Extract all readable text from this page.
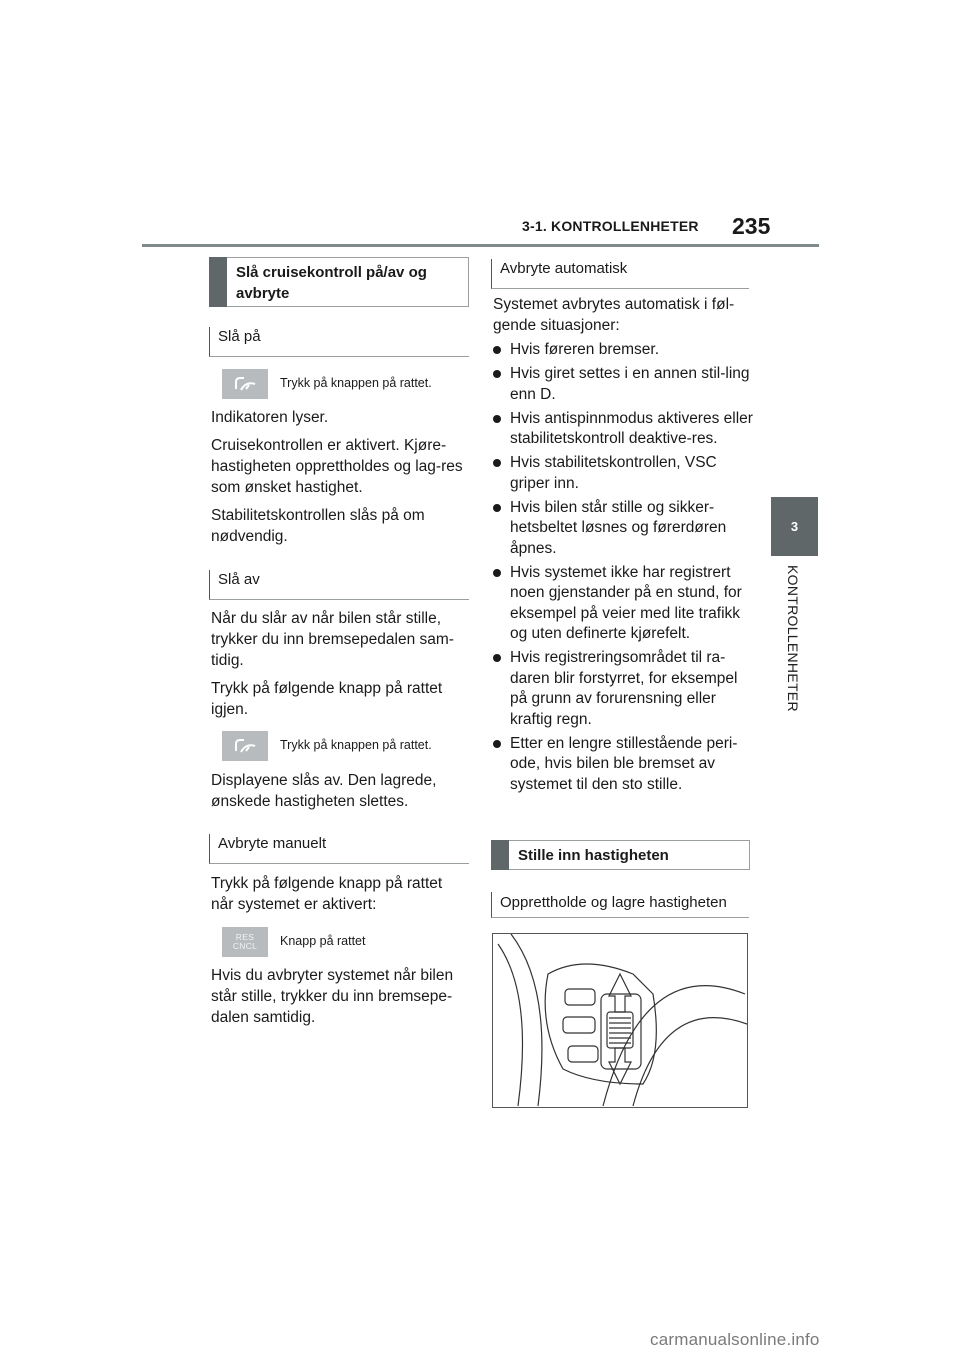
3-1. KONTROLLENHETER 235
3
KONTROLLENHETER
Slå cruisekontroll på/av og avbryte
Slå på
Trykk på knappen på rattet.
Indikatoren lyser.
Cruisekontrollen er aktivert. Kjøre-hastigheten opprettholdes og lag-res som ønsket hastighet.
Stabilitetskontrollen slås på om nødvendig.
Slå av
Når du slår av når bilen står stille, trykker du inn bremsepedalen sam-tidig.
Trykk på følgende knapp på rattet igjen.
Trykk på knappen på rattet.
Displayene slås av. Den lagrede, ønskede hastigheten slettes.
Avbryte manuelt
Trykk på følgende knapp på rattet når systemet er aktivert:
RES
CNCL	Knapp på rattet
Hvis du avbryter systemet når bilen står stille, trykker du inn bremsepe-dalen samtidig.
Avbryte automatisk
Systemet avbrytes automatisk i føl-gende situasjoner:
Hvis føreren bremser.
Hvis giret settes i en annen stil-ling enn D.
Hvis antispinnmodus aktiveres eller stabilitetskontroll deaktive-res.
Hvis stabilitetskontrollen, VSC griper inn.
Hvis bilen står stille og sikker-hetsbeltet løsnes og førerdøren åpnes.
Hvis systemet ikke har registrert noen gjenstander på en stund, for eksempel på veier med lite trafikk og uten definerte kjørefelt.
Hvis registreringsområdet til ra-daren blir forstyrret, for eksempel på grunn av forurensning eller kraftig regn.
Etter en lengre stillestående peri-ode, hvis bilen ble bremset av systemet til den sto stille.
Stille inn hastigheten
Opprettholde og lagre hastigheten
carmanualsonline.info
